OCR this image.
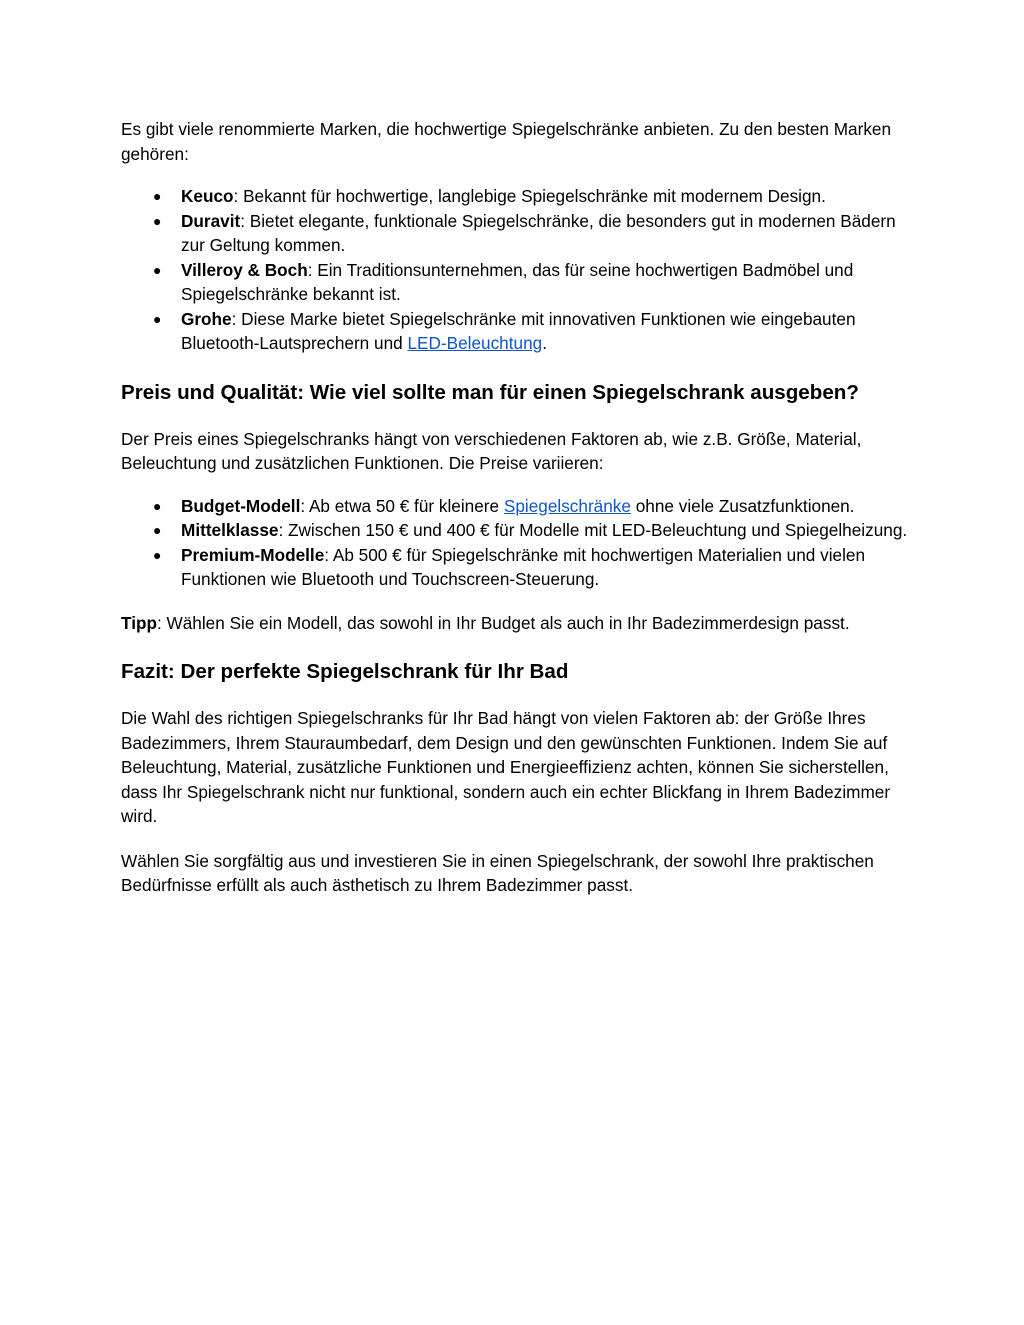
Es gibt viele renommierte Marken, die hochwertige Spiegelschränke anbieten. Zu den besten Marken gehören:

● Keuco: Bekannt für hochwertige, langlebige Spiegelschränke mit modernem Design.
● Duravit: Bietet elegante, funktionale Spiegelschränke, die besonders gut in modernen Bädern zur Geltung kommen.
● Villeroy & Boch: Ein Traditionsunternehmen, das für seine hochwertigen Badmöbel und Spiegelschränke bekannt ist.
● Grohe: Diese Marke bietet Spiegelschränke mit innovativen Funktionen wie eingebauten Bluetooth-Lautsprechern und LED-Beleuchtung.
Preis und Qualität: Wie viel sollte man für einen Spiegelschrank ausgeben?

Der Preis eines Spiegelschranks hängt von verschiedenen Faktoren ab, wie z.B. Größe, Material, Beleuchtung und zusätzlichen Funktionen. Die Preise variieren:

● Budget-Modell: Ab etwa 50 € für kleinere Spiegelschränke ohne viele Zusatzfunktionen.
● Mittelklasse: Zwischen 150 € und 400 € für Modelle mit LED-Beleuchtung und Spiegelheizung.
● Premium-Modelle: Ab 500 € für Spiegelschränke mit hochwertigen Materialien und vielen Funktionen wie Bluetooth und Touchscreen-Steuerung.

Tipp: Wählen Sie ein Modell, das sowohl in Ihr Budget als auch in Ihr Badezimmerdesign passt.

Fazit: Der perfekte Spiegelschrank für Ihr Bad

Die Wahl des richtigen Spiegelschranks für Ihr Bad hängt von vielen Faktoren ab: der Größe Ihres Badezimmers, Ihrem Stauraumbedarf, dem Design und den gewünschten Funktionen. Indem Sie auf Beleuchtung, Material, zusätzliche Funktionen und Energieeffizienz achten, können Sie sicherstellen, dass Ihr Spiegelschrank nicht nur funktional, sondern auch ein echter Blickfang in Ihrem Badezimmer wird.

Wählen Sie sorgfältig aus und investieren Sie in einen Spiegelschrank, der sowohl Ihre praktischen Bedürfnisse erfüllt als auch ästhetisch zu Ihrem Badezimmer passt.
